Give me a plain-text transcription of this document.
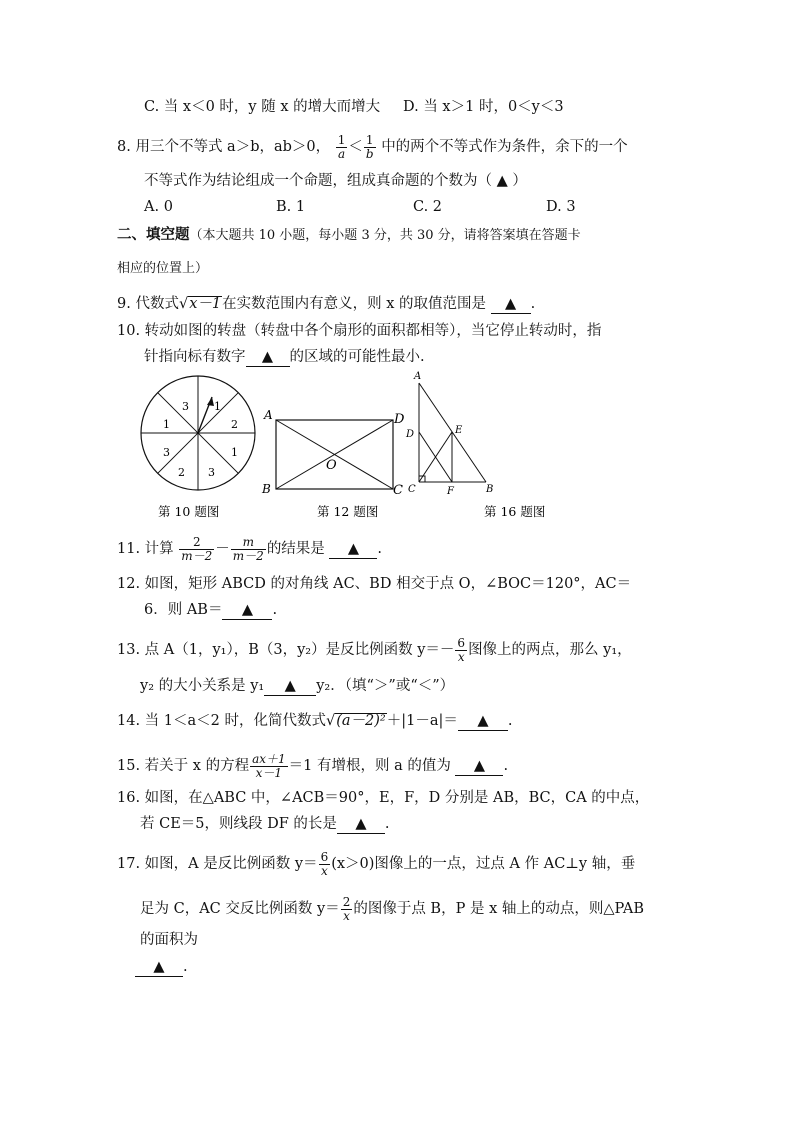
C. 当 x＜0 时，y 随 x 的增大而增大 D. 当 x＞1 时，0＜y＜3
8. 用三个不等式 a＞b，ab＞0， $\frac{1}{a} < \frac{1}{b}$ 中的两个不等式作为条件，余下的一个
不等式作为结论组成一个命题，组成真命题的个数为（ ▲ ）
A. 0	B. 1	C. 2	D. 3
二、填空题（本大题共 10 小题，每小题 3 分，共 30 分，请将答案填在答题卡
相应的位置上）
9. 代数式√x－1在实数范围内有意义，则 x 的取值范围是 ▲ .
10. 转动如图的转盘（转盘中各个扇形的面积都相等），当它停止转动时，指
针指向标有数字 ▲ 的区域的可能性最小.
3 1
2
1
3
2
3
1
第 10 题图
A	D
B	C
O
第 12 题图
A
D	E
C	F	B
第 16 题图
11. 计算 $\frac{2}{m-2} - \frac{m}{m-2}$ 的结果是 ▲ .
12. 如图，矩形 ABCD 的对角线 AC、BD 相交于点 O，∠BOC＝120°，AC＝
6．则 AB＝ ▲ .
13. 点 A（1，y₁），B（3，y₂）是反比例函数 $y=- \frac{6}{x}$ 图像上的两点，那么 y₁，
y₂ 的大小关系是 y₁ ▲ y₂．（填“＞”或“＜”）
14. 当 1＜a＜2 时，化简代数式√(a－2)²＋|1－a|＝ ▲ .
15. 若关于 x 的方程 $\frac{ax+1}{x-1} =1$ 有增根，则 a 的值为 ▲ .
16. 如图，在△ABC 中，∠ACB＝90°，E，F，D 分别是 AB，BC，CA 的中点，
若 CE＝5，则线段 DF 的长是 ▲ .
17. 如图，A 是反比例函数 $y= \frac{6}{x} (x>0)$图像上的一点，过点 A 作 AC⊥y 轴，垂
足为 C，AC 交反比例函数 $y= \frac{2}{x}$ 的图像于点 B，P 是 x 轴上的动点，则△PAB
的面积为
▲ .
